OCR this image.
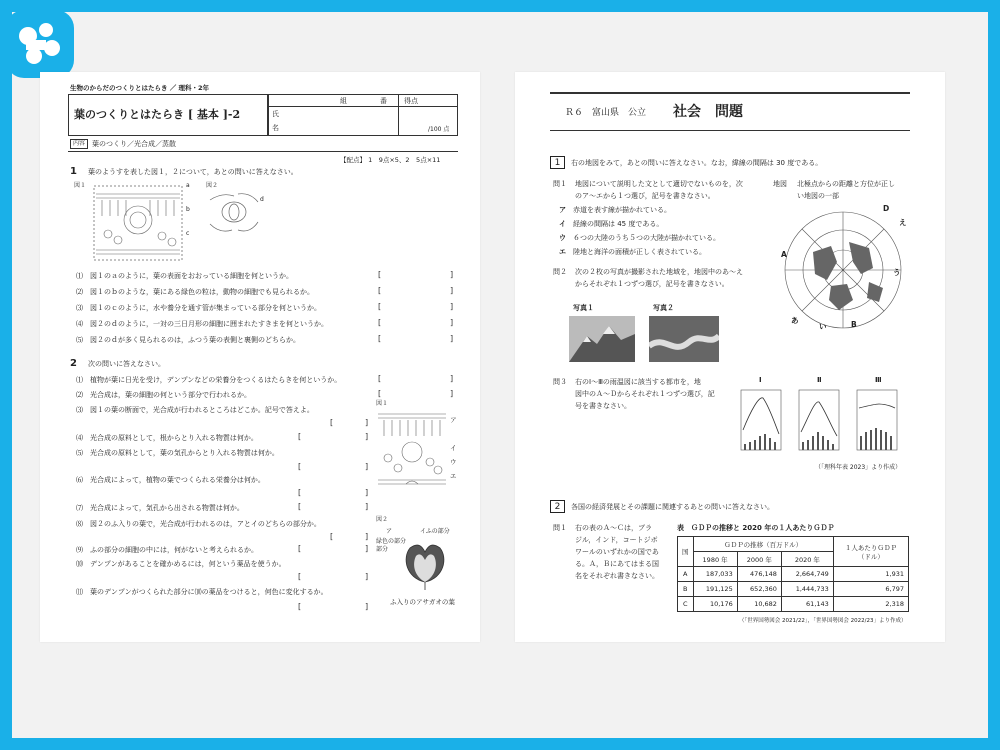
生物のからだのつくりとはたらき ／ 理科・2年
葉のつくりとはたらき [ 基本 ]-2
組	番 得点
氏
名	/100 点
内容 葉のつくり／光合成／蒸散
【配点】 1　9点×5、2　5点×11
1 葉のようすを表した図１，２について，あとの問いに答えなさい。
図１	a
b
c
図２
d
⑴　 図１のａのように，葉の表面をおおっている細胞を何というか。
⑵　 図１のｂのような，葉にある緑色の粒は，動物の細胞でも見られるか。
⑶　 図１のｃのように，水や養分を通す管が集まっている部分を何というか。
⑷　 図２のｄのように，一対の三日月形の細胞に囲まれたすきまを何というか。
⑸　 図２のｄが多く見られるのは，ふつう葉の表側と裏側のどちらか。
[	]
[	]
[	]
[	]
[	]
2 次の問いに答えなさい。
⑴　 植物が葉に日光を受け，デンプンなどの栄養分をつくるはたらきを何というか。
⑵　 光合成は，葉の細胞の何という部分で行われるか。
⑶　 図１の葉の断面で，光合成が行われるところはどこか。記号で答えよ。
⑷　 光合成の原料として，根からとり入れる物質は何か。
⑸　 光合成の原料として，葉の気孔からとり入れる物質は何か。
⑹　 光合成によって，植物の葉でつくられる栄養分は何か。
⑺　 光合成によって，気孔から出される物質は何か。
⑻　 図２のふ入りの葉で，光合成が行われるのは，アとイのどちらの部分か。
⑼　 ふの部分の細胞の中には，何がないと考えられるか。
⑽　 デンプンがあることを確かめるには，何という薬品を使うか。
⑾　 葉のデンプンがつくられた部分に⑽の薬品をつけると，何色に変化するか。
[	]
[	]
[	]
[	]
[	]
[	]
[	]
[	]
[	]
[	]
[	]
図１
ア
イ
ウ
エ
図２
ア	イふの部分
緑色の部分
部分
ふ入りのアサガオの葉
Ｒ６　富山県　公立 社会　問題
1	右の地図をみて，あとの問いに答えなさい。なお，緯線の間隔は 30 度である。
問１ 地図について説明した文として適切でないものを，次
のア～エから１つ選び，記号を書きなさい。
ア 赤道を表す線が描かれている。
イ 経線の間隔は 45 度である。
ウ ６つの大陸のうち５つの大陸が描かれている。
エ 陸地と海洋の面積が正しく表されている。
地図 北極点からの距離と方位が正し
い地図の一部
D
え
A
う
あ
い	B
問２ 次の２枚の写真が撮影された地域を，地図中のあ～え
からそれぞれ１つずつ選び，記号を書きなさい。
写真１	写真２
問３ 右のⅠ～Ⅲの雨温図に該当する都市を，地
図中のＡ～Ｄからそれぞれ１つずつ選び，記
号を書きなさい。
Ⅰ	Ⅱ	Ⅲ
（「理科年表 2023」より作成）
2	各国の経済発展とその課題に関連するあとの問いに答えなさい。
問１ 右の表のＡ～Ｃは，ブラ
ジル，インド，コートジボ
ワールのいずれかの国であ
る。Ａ，Ｂにあてはまる国
名をそれぞれ書きなさい。
表　ＧＤＰの推移と 2020 年の１人あたりＧＤＰ
国	ＧＤＰの推移（百万ドル）			１人あたりＧＤＰ
（ドル）
	1980 年	2000 年	2020 年	
A	187,033	476,148	2,664,749	1,931
B	191,125	652,360	1,444,733	6,797
C	10,176	10,682	61,143	2,318
（「世界国勢図会 2021/22」，「世界国勢図会 2022/23」より作成）
